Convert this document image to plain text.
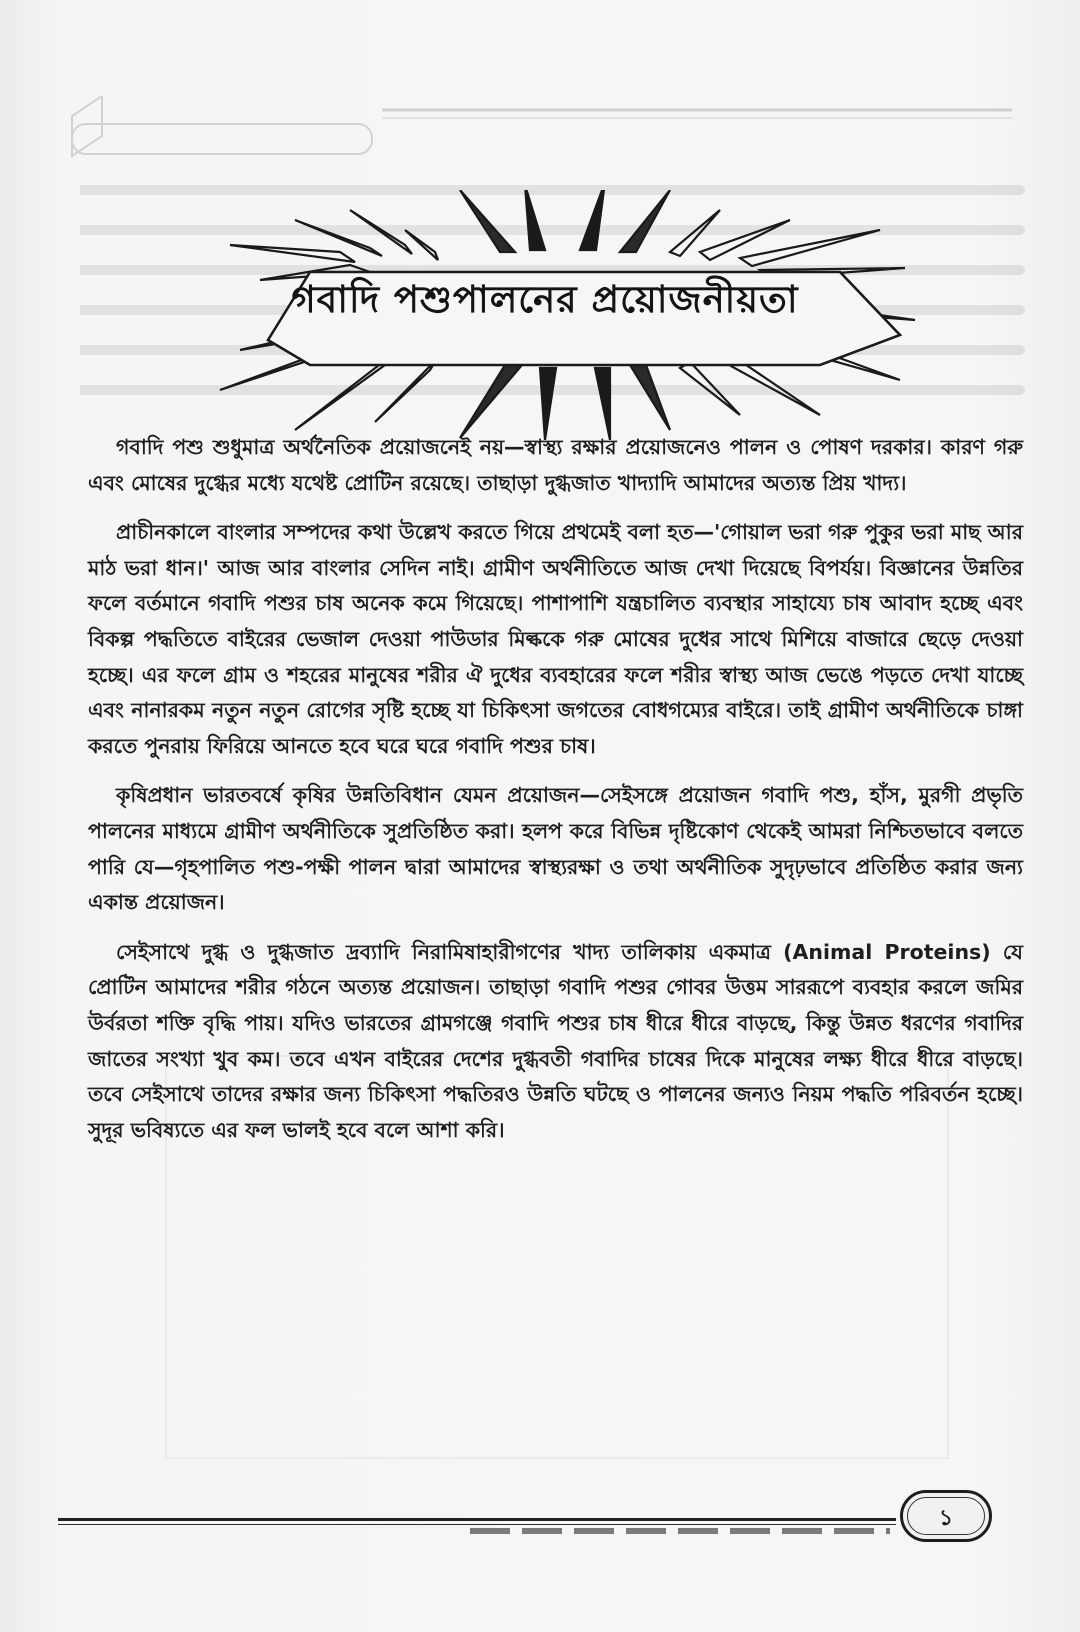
গবাদি পশুপালনের প্রয়োজনীয়তা

গবাদি পশু শুধুমাত্র অর্থনৈতিক প্রয়োজনেই নয়—স্বাস্থ্য রক্ষার প্রয়োজনেও পালন ও পোষণ দরকার। কারণ গরু এবং মোষের দুগ্ধের মধ্যে যথেষ্ট প্রোটিন রয়েছে। তাছাড়া দুগ্ধজাত খাদ্যাদি আমাদের অত্যন্ত প্রিয় খাদ্য।

প্রাচীনকালে বাংলার সম্পদের কথা উল্লেখ করতে গিয়ে প্রথমেই বলা হত—'গোয়াল ভরা গরু পুকুর ভরা মাছ আর মাঠ ভরা ধান।' আজ আর বাংলার সেদিন নাই। গ্রামীণ অর্থনীতিতে আজ দেখা দিয়েছে বিপর্যয়। বিজ্ঞানের উন্নতির ফলে বর্তমানে গবাদি পশুর চাষ অনেক কমে গিয়েছে। পাশাপাশি যন্ত্রচালিত ব্যবস্থার সাহায্যে চাষ আবাদ হচ্ছে এবং বিকল্প পদ্ধতিতে বাইরের ভেজাল দেওয়া পাউডার মিল্ককে গরু মোষের দুধের সাথে মিশিয়ে বাজারে ছেড়ে দেওয়া হচ্ছে। এর ফলে গ্রাম ও শহরের মানুষের শরীর ঐ দুধের ব্যবহারের ফলে শরীর স্বাস্থ্য আজ ভেঙে পড়তে দেখা যাচ্ছে এবং নানারকম নতুন নতুন রোগের সৃষ্টি হচ্ছে যা চিকিৎসা জগতের বোধগম্যের বাইরে। তাই গ্রামীণ অর্থনীতিকে চাঙ্গা করতে পুনরায় ফিরিয়ে আনতে হবে ঘরে ঘরে গবাদি পশুর চাষ।

কৃষিপ্রধান ভারতবর্ষে কৃষির উন্নতিবিধান যেমন প্রয়োজন—সেইসঙ্গে প্রয়োজন গবাদি পশু, হাঁস, মুরগী প্রভৃতি পালনের মাধ্যমে গ্রামীণ অর্থনীতিকে সুপ্রতিষ্ঠিত করা। হলপ করে বিভিন্ন দৃষ্টিকোণ থেকেই আমরা নিশ্চিতভাবে বলতে পারি যে—গৃহপালিত পশু-পক্ষী পালন দ্বারা আমাদের স্বাস্থ্যরক্ষা ও তথা অর্থনীতিক সুদৃঢ়ভাবে প্রতিষ্ঠিত করার জন্য একান্ত প্রয়োজন।

সেইসাথে দুগ্ধ ও দুগ্ধজাত দ্রব্যাদি নিরামিষাহারীগণের খাদ্য তালিকায় একমাত্র (Animal Proteins) যে প্রোটিন আমাদের শরীর গঠনে অত্যন্ত প্রয়োজন। তাছাড়া গবাদি পশুর গোবর উত্তম সাররূপে ব্যবহার করলে জমির উর্বরতা শক্তি বৃদ্ধি পায়। যদিও ভারতের গ্রামগঞ্জে গবাদি পশুর চাষ ধীরে ধীরে বাড়ছে, কিন্তু উন্নত ধরণের গবাদির জাতের সংখ্যা খুব কম। তবে এখন বাইরের দেশের দুগ্ধবতী গবাদির চাষের দিকে মানুষের লক্ষ্য ধীরে ধীরে বাড়ছে। তবে সেইসাথে তাদের রক্ষার জন্য চিকিৎসা পদ্ধতিরও উন্নতি ঘটছে ও পালনের জন্যও নিয়ম পদ্ধতি পরিবর্তন হচ্ছে। সুদূর ভবিষ্যতে এর ফল ভালই হবে বলে আশা করি।

১
